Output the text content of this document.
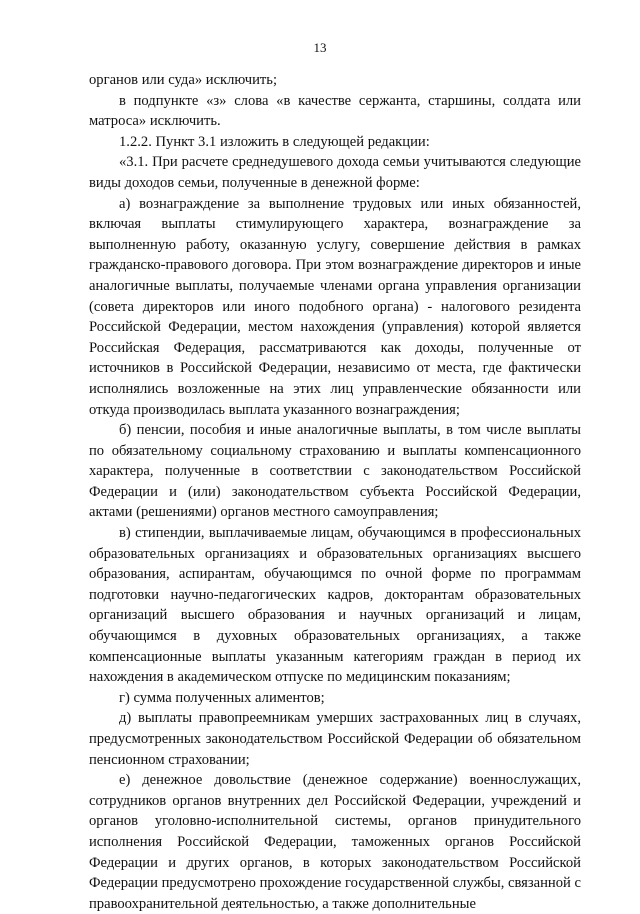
13

органов или суда» исключить;

в подпункте «з» слова «в качестве сержанта, старшины, солдата или матроса» исключить.

1.2.2. Пункт 3.1 изложить в следующей редакции:

«3.1. При расчете среднедушевого дохода семьи учитываются следующие виды доходов семьи, полученные в денежной форме:

а) вознаграждение за выполнение трудовых или иных обязанностей, включая выплаты стимулирующего характера, вознаграждение за выполненную работу, оказанную услугу, совершение действия в рамках гражданско-правового договора. При этом вознаграждение директоров и иные аналогичные выплаты, получаемые членами органа управления организации (совета директоров или иного подобного органа) - налогового резидента Российской Федерации, местом нахождения (управления) которой является Российская Федерация, рассматриваются как доходы, полученные от источников в Российской Федерации, независимо от места, где фактически исполнялись возложенные на этих лиц управленческие обязанности или откуда производилась выплата указанного вознаграждения;

б) пенсии, пособия и иные аналогичные выплаты, в том числе выплаты по обязательному социальному страхованию и выплаты компенсационного характера, полученные в соответствии с законодательством Российской Федерации и (или) законодательством субъекта Российской Федерации, актами (решениями) органов местного самоуправления;

в) стипендии, выплачиваемые лицам, обучающимся в профессиональных образовательных организациях и образовательных организациях высшего образования, аспирантам, обучающимся по очной форме по программам подготовки научно-педагогических кадров, докторантам образовательных организаций высшего образования и научных организаций и лицам, обучающимся в духовных образовательных организациях, а также компенсационные выплаты указанным категориям граждан в период их нахождения в академическом отпуске по медицинским показаниям;

г) сумма полученных алиментов;

д) выплаты правопреемникам умерших застрахованных лиц в случаях, предусмотренных законодательством Российской Федерации об обязательном пенсионном страховании;

е) денежное довольствие (денежное содержание) военнослужащих, сотрудников органов внутренних дел Российской Федерации, учреждений и органов уголовно-исполнительной системы, органов принудительного исполнения Российской Федерации, таможенных органов Российской Федерации и других органов, в которых законодательством Российской Федерации предусмотрено прохождение государственной службы, связанной с правоохранительной деятельностью, а также дополнительные
